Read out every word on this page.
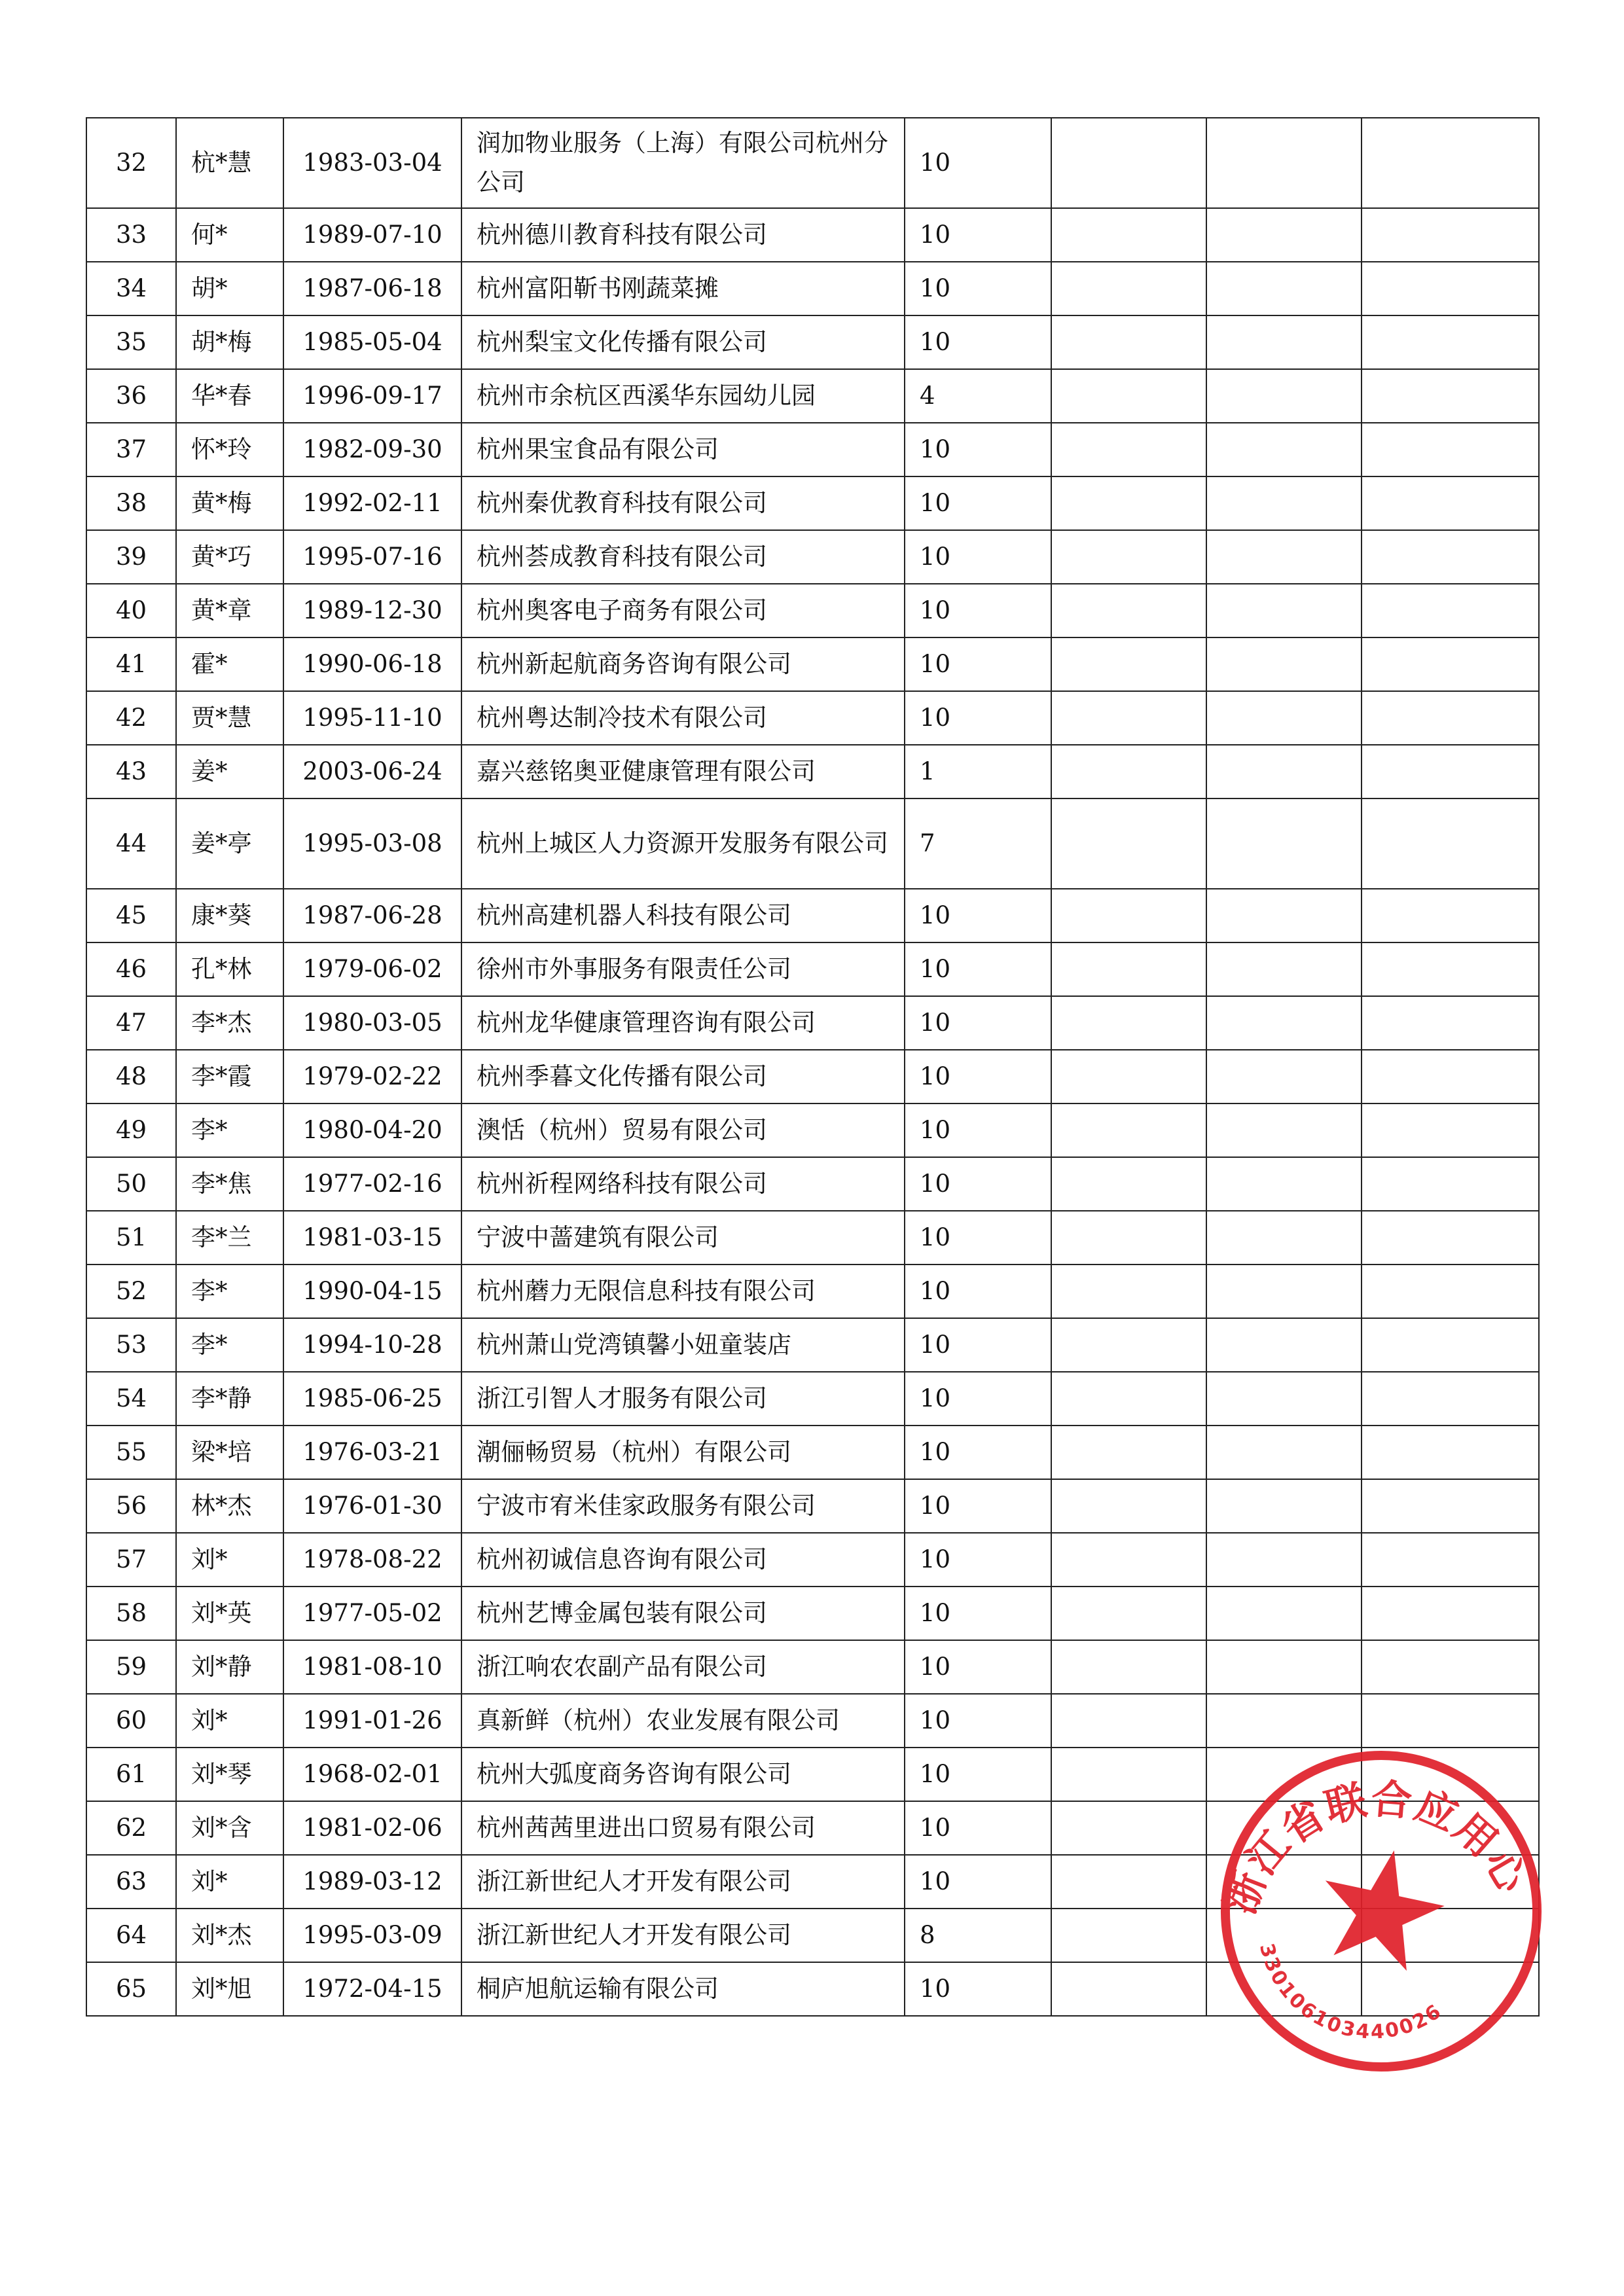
32	杭*慧	1983-03-04	润加物业服务（上海）有限公司杭州分公司	10			
33	何*	1989-07-10	杭州德川教育科技有限公司	10			
34	胡*	1987-06-18	杭州富阳靳书刚蔬菜摊	10			
35	胡*梅	1985-05-04	杭州梨宝文化传播有限公司	10			
36	华*春	1996-09-17	杭州市余杭区西溪华东园幼儿园	4			
37	怀*玲	1982-09-30	杭州果宝食品有限公司	10			
38	黄*梅	1992-02-11	杭州秦优教育科技有限公司	10			
39	黄*巧	1995-07-16	杭州荟成教育科技有限公司	10			
40	黄*章	1989-12-30	杭州奥客电子商务有限公司	10			
41	霍*	1990-06-18	杭州新起航商务咨询有限公司	10			
42	贾*慧	1995-11-10	杭州粤达制冷技术有限公司	10			
43	姜*	2003-06-24	嘉兴慈铭奥亚健康管理有限公司	1			
44	姜*亭	1995-03-08	杭州上城区人力资源开发服务有限公司	7			
45	康*葵	1987-06-28	杭州高建机器人科技有限公司	10			
46	孔*林	1979-06-02	徐州市外事服务有限责任公司	10			
47	李*杰	1980-03-05	杭州龙华健康管理咨询有限公司	10			
48	李*霞	1979-02-22	杭州季暮文化传播有限公司	10			
49	李*	1980-04-20	澳恬（杭州）贸易有限公司	10			
50	李*焦	1977-02-16	杭州祈程网络科技有限公司	10			
51	李*兰	1981-03-15	宁波中蔷建筑有限公司	10			
52	李*	1990-04-15	杭州蘑力无限信息科技有限公司	10			
53	李*	1994-10-28	杭州萧山党湾镇馨小妞童装店	10			
54	李*静	1985-06-25	浙江引智人才服务有限公司	10			
55	梁*培	1976-03-21	潮俪畅贸易（杭州）有限公司	10			
56	林*杰	1976-01-30	宁波市宥米佳家政服务有限公司	10			
57	刘*	1978-08-22	杭州初诚信息咨询有限公司	10			
58	刘*英	1977-05-02	杭州艺博金属包装有限公司	10			
59	刘*静	1981-08-10	浙江响农农副产品有限公司	10			
60	刘*	1991-01-26	真新鲜（杭州）农业发展有限公司	10			
61	刘*琴	1968-02-01	杭州大弧度商务咨询有限公司	10			
62	刘*含	1981-02-06	杭州茜茜里进出口贸易有限公司	10			
63	刘*	1989-03-12	浙江新世纪人才开发有限公司	10			
64	刘*杰	1995-03-09	浙江新世纪人才开发有限公司	8			
65	刘*旭	1972-04-15	桐庐旭航运输有限公司	10			
浙江省联合应用心理科学研究院
330106103440026
